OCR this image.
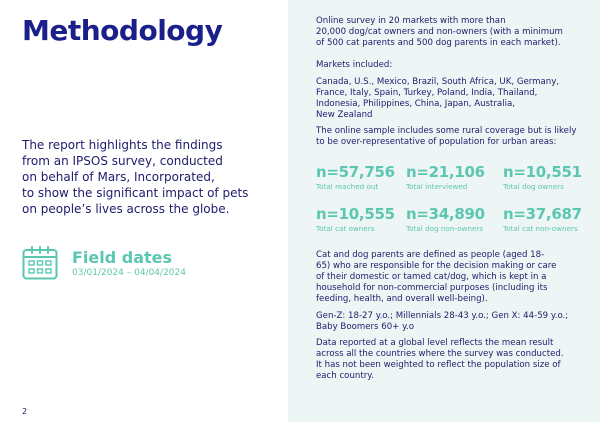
Methodology
The report highlights the findings
from an IPSOS survey, conducted
on behalf of Mars, Incorporated,
to show the significant impact of pets
on people’s lives across the globe.
Field dates
03/01/2024 – 04/04/2024
2
Online survey in 20 markets with more than
20,000 dog/cat owners and non-owners (with a minimum
of 500 cat parents and 500 dog parents in each market).
Markets included:
Canada, U.S., Mexico, Brazil, South Africa, UK, Germany,
France, Italy, Spain, Turkey, Poland, India, Thailand,
Indonesia, Philippines, China, Japan, Australia,
New Zealand
The online sample includes some rural coverage but is likely
to be over-representative of population for urban areas:
n=57,756
Total reached out
n=21,106
Total interviewed
n=10,551
Total dog owners
n=10,555
Total cat owners
n=34,890
Total dog non-owners
n=37,687
Total cat non-owners
Cat and dog parents are defined as people (aged 18-
65) who are responsible for the decision making or care
of their domestic or tamed cat/dog, which is kept in a
household for non-commercial purposes (including its
feeding, health, and overall well-being).
Gen-Z: 18-27 y.o.; Millennials 28-43 y.o.; Gen X: 44-59 y.o.;
Baby Boomers 60+ y.o
Data reported at a global level reflects the mean result
across all the countries where the survey was conducted.
It has not been weighted to reflect the population size of
each country.
